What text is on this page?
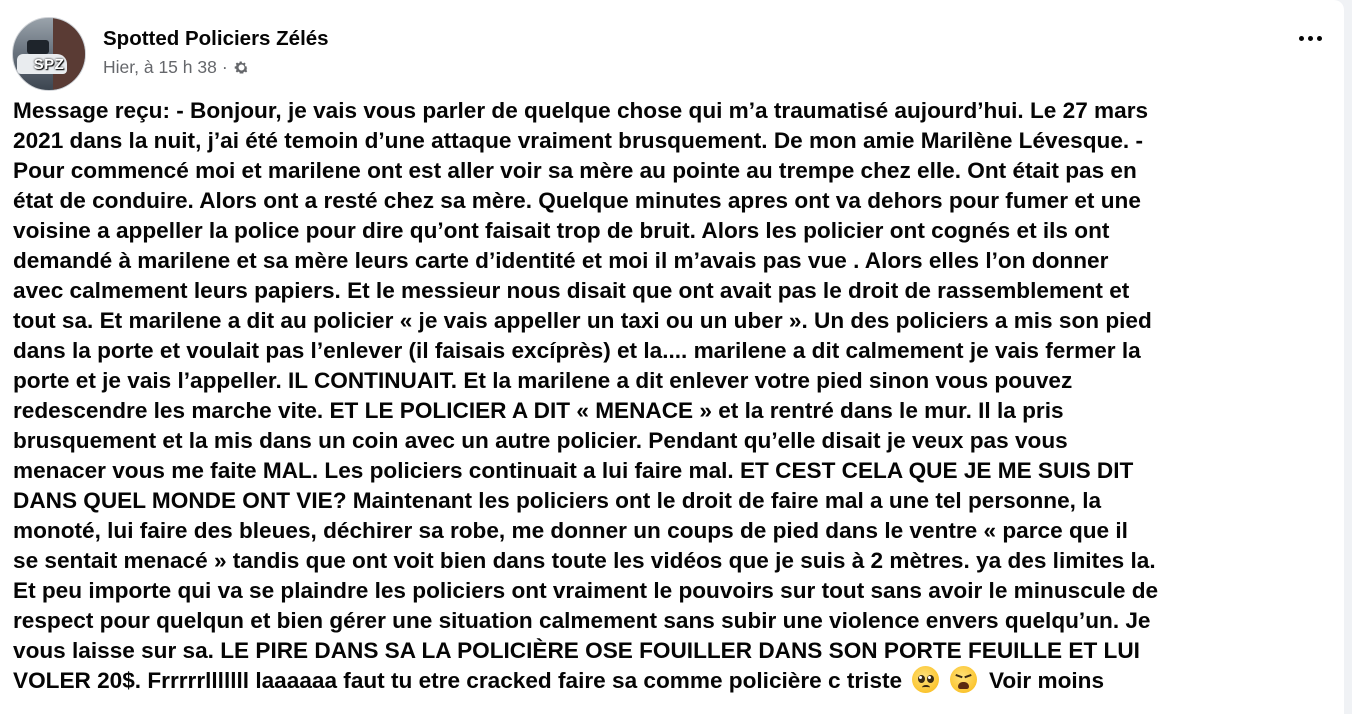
SPZ
Spotted Policiers Zélés
Hier, à 15 h 38 ·
Message reçu: - Bonjour, je vais vous parler de quelque chose qui m’a traumatisé aujourd’hui. Le 27 mars
2021 dans la nuit, j’ai été temoin d’une attaque vraiment brusquement. De mon amie Marilène Lévesque. -
Pour commencé moi et marilene ont est aller voir sa mère au pointe au trempe chez elle. Ont était pas en
état de conduire. Alors ont a resté chez sa mère. Quelque minutes apres ont va dehors pour fumer et une
voisine a appeller la police pour dire qu’ont faisait trop de bruit. Alors les policier ont cognés et ils ont
demandé à marilene et sa mère leurs carte d’identité et moi il m’avais pas vue . Alors elles l’on donner
avec calmement leurs papiers. Et le messieur nous disait que ont avait pas le droit de rassemblement et
tout sa. Et marilene a dit au policier « je vais appeller un taxi ou un uber ». Un des policiers a mis son pied
dans la porte et voulait pas l’enlever (il faisais excíprès) et la.... marilene a dit calmement je vais fermer la
porte et je vais l’appeller. IL CONTINUAIT. Et la marilene a dit enlever votre pied sinon vous pouvez
redescendre les marche vite. ET LE POLICIER A DIT « MENACE » et la rentré dans le mur. Il la pris
brusquement et la mis dans un coin avec un autre policier. Pendant qu’elle disait je veux pas vous
menacer vous me faite MAL. Les policiers continuait a lui faire mal. ET CEST CELA QUE JE ME SUIS DIT
DANS QUEL MONDE ONT VIE? Maintenant les policiers ont le droit de faire mal a une tel personne, la
monoté, lui faire des bleues, déchirer sa robe, me donner un coups de pied dans le ventre « parce que il
se sentait menacé » tandis que ont voit bien dans toute les vidéos que je suis à 2 mètres. ya des limites la.
Et peu importe qui va se plaindre les policiers ont vraiment le pouvoirs sur tout sans avoir le minuscule de
respect pour quelqun et bien gérer une situation calmement sans subir une violence envers quelqu’un. Je
vous laisse sur sa. LE PIRE DANS SA LA POLICIÈRE OSE FOUILLER DANS SON PORTE FEUILLE ET LUI
VOLER 20$. Frrrrrlllllll laaaaaa faut tu etre cracked faire sa comme policière c triste
	Voir moins
